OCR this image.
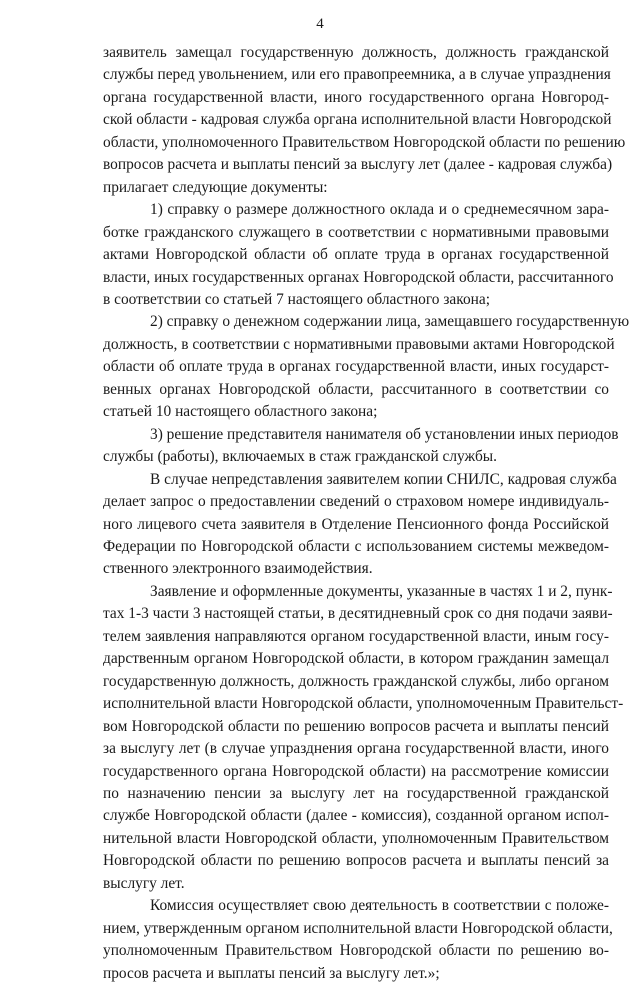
4
заявитель замещал государственную должность, должность гражданской
службы перед увольнением, или его правопреемника, а в случае упразднения
органа государственной власти, иного государственного органа Новгород-
ской области - кадровая служба органа исполнительной власти Новгородской
области, уполномоченного Правительством Новгородской области по решению
вопросов расчета и выплаты пенсий за выслугу лет (далее - кадровая служба)
прилагает следующие документы:
1) справку о размере должностного оклада и о среднемесячном зара-
ботке гражданского служащего в соответствии с нормативными правовыми
актами Новгородской области об оплате труда в органах государственной
власти, иных государственных органах Новгородской области, рассчитанного
в соответствии со статьей 7 настоящего областного закона;
2) справку о денежном содержании лица, замещавшего государственную
должность, в соответствии с нормативными правовыми актами Новгородской
области об оплате труда в органах государственной власти, иных государст-
венных органах Новгородской области, рассчитанного в соответствии со
статьей 10 настоящего областного закона;
3) решение представителя нанимателя об установлении иных периодов
службы (работы), включаемых в стаж гражданской службы.
В случае непредставления заявителем копии СНИЛС, кадровая служба
делает запрос о предоставлении сведений о страховом номере индивидуаль-
ного лицевого счета заявителя в Отделение Пенсионного фонда Российской
Федерации по Новгородской области с использованием системы межведом-
ственного электронного взаимодействия.
Заявление и оформленные документы, указанные в частях 1 и 2, пунк-
тах 1-3 части 3 настоящей статьи, в десятидневный срок со дня подачи заяви-
телем заявления направляются органом государственной власти, иным госу-
дарственным органом Новгородской области, в котором гражданин замещал
государственную должность, должность гражданской службы, либо органом
исполнительной власти Новгородской области, уполномоченным Правительст-
вом Новгородской области по решению вопросов расчета и выплаты пенсий
за выслугу лет (в случае упразднения органа государственной власти, иного
государственного органа Новгородской области) на рассмотрение комиссии
по назначению пенсии за выслугу лет на государственной гражданской
службе Новгородской области (далее - комиссия), созданной органом испол-
нительной власти Новгородской области, уполномоченным Правительством
Новгородской области по решению вопросов расчета и выплаты пенсий за
выслугу лет.
Комиссия осуществляет свою деятельность в соответствии с положе-
нием, утвержденным органом исполнительной власти Новгородской области,
уполномоченным Правительством Новгородской области по решению во-
просов расчета и выплаты пенсий за выслугу лет.»;
